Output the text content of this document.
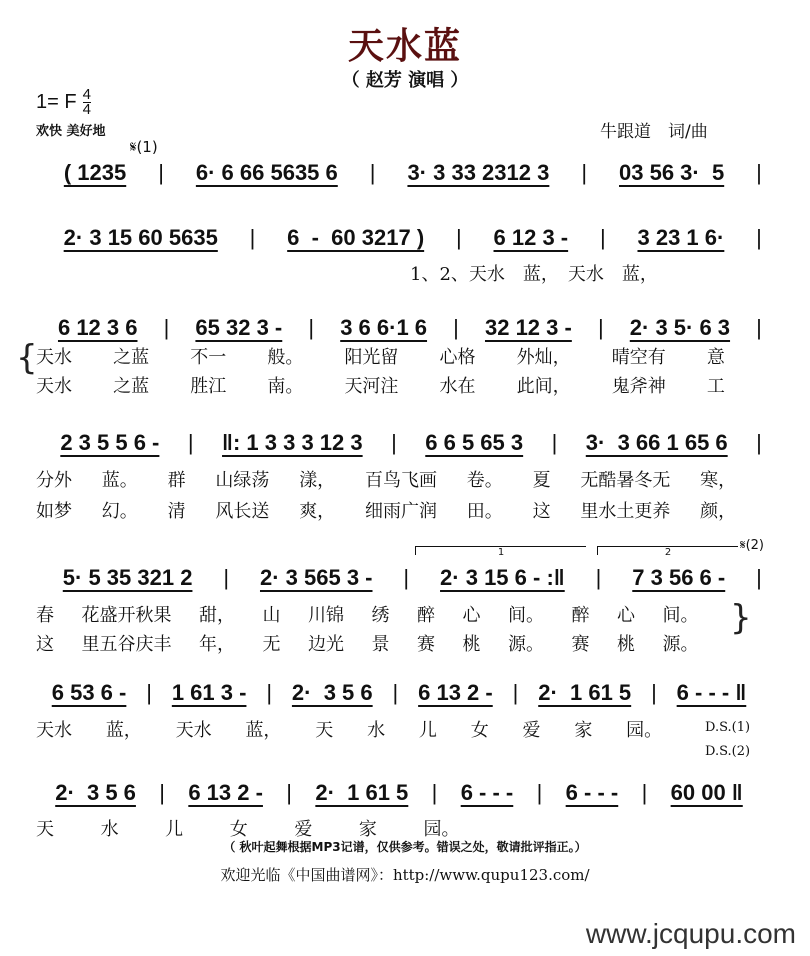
天水蓝
（ 赵芳 演唱 ）
1= F $\frac{4}{4}$
欢快 美好地	牛跟道　词/曲
𝄋(1)
( 1235	|	6· 6 66 5635 6	|	3· 3 33 2312 3	|	03 56 3·  5	|
2· 3 15 60 5635	|	6  -  60 3217 )	|	6 12 3 -	|	3 23 1 6·	|
6 12 3 6	|	65 32 3 -	|	3 6 6·1 6	|	32 12 3 -	|	2· 3 5· 6 3	|
2 3 5 5 6 -	|	‖: 1 3 3 3 12 3	|	6 6 5 65 3	|	3·  3 66 1 65 6	|
5· 5 35 321 2	|	2· 3 565 3 -	|	2· 3 15 6 - :‖	|	7 3 56 6 -	|
6 53 6 - | 1 61 3 - | 2·  3 5 6 | 6 13 2 - | 2·  1 61 5 | 6 - - - ‖
2·  3 5 6	|	6 13 2 -	|	2·  1 61 5	|	6 - - -	|	6 - - -	|	60 00 ‖
1	2	𝄋(2)
1、2、天水　蓝，　天水　蓝，
{
}
D.S.(1)
D.S.(2)
（ 秋叶起舞根据MP3记谱，仅供参考。错误之处，敬请批评指正。）
欢迎光临《中国曲谱网》：http://www.qupu123.com/
www.jcqupu.com
天水	之蓝	不一	般。	阳光留	心格	外灿，	晴空有	意
天水	之蓝	胜江	南。	天河注	水在	此间，	鬼斧神	工
分外	蓝。	群	山绿荡	漾，	百鸟飞画	卷。	夏	无酷暑冬无	寒，
如梦	幻。	清	风长送	爽，	细雨广润	田。	这	里水土更养	颜，
春	花盛开秋果	甜，	山	川锦	绣	醉	心	间。	醉	心	间。
这	里五谷庆丰	年，	无	边光	景	赛	桃	源。	赛	桃	源。
天水	蓝，	天水	蓝，	天	水	儿	女	爱	家	园。
天	水	儿	女	爱	家	园。
